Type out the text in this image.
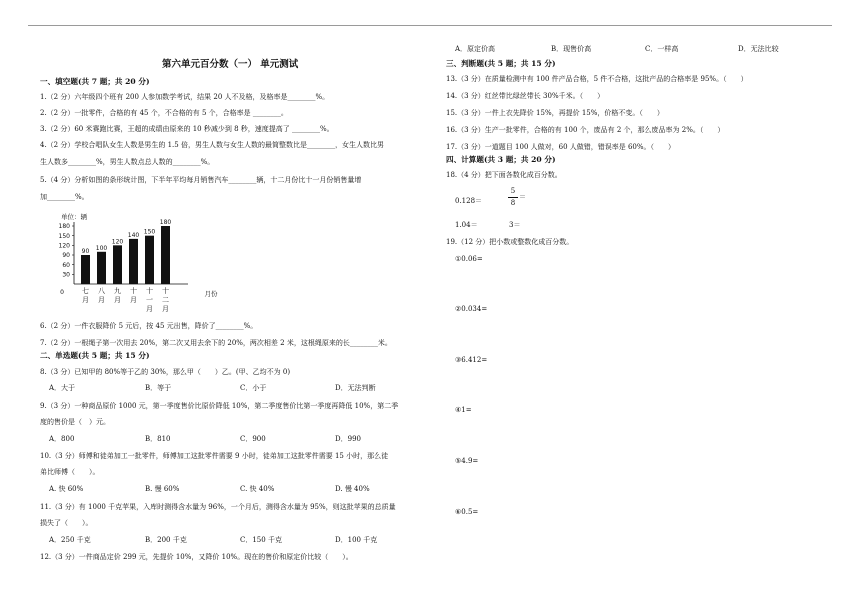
第六单元百分数（一） 单元测试
一、填空题(共 7 题；共 20 分)
1.（2 分）六年级四个班有 200 人参加数学考试，结果 20 人不及格，及格率是________%。
2.（2 分）一批零件，合格的有 45 个，不合格的有 5 个，合格率是 ________。
3.（2 分）60 米赛跑比赛，王超的成绩由原来的 10 秒减少到 8 秒，速度提高了 ________%。
4.（2 分）学校合唱队女生人数是男生的 1.5 倍，男生人数与女生人数的最简整数比是________，女生人数比男
生人数多________%，男生人数点总人数的________%。
5.（4 分）分析如图的条形统计图，下半年平均每月销售汽车________辆，十二月份比十一月份销售量增
加________%。
单位：辆
30
60
90
120
150
180
0
90
七
月
100
八
月
120
九
月
140
十
月
150
十
一
月
180
十
二
月
月份
6.（2 分）一件衣服降价 5 元后，按 45 元出售，降价了________%。
7.（2 分）一根绳子第一次用去 20%，第二次又用去余下的 20%，两次相差 2 米，这根绳原来的长________米。
二、单选题(共 5 题；共 15 分)
8.（3 分）已知甲的 80%等于乙的 30%，那么甲（　　）乙。(甲、乙均不为 0)
A．大于	B．等于	C．小于	D．无法判断
9.（3 分）一种商品原价 1000 元，第一季度售价比原价降低 10%，第二季度售价比第一季度再降低 10%，第二季
度的售价是（　）元。
A．800	B．810	C．900	D．990
10.（3 分）师傅和徒弟加工一批零件，师傅加工这批零件需要 9 小时，徒弟加工这批零件需要 15 小时，那么徒
弟比师傅（　　）。
A. 快 60%	B. 慢 60%	C. 快 40%	D. 慢 40%
11.（3 分）有 1000 千克苹果，入库时测得含水量为 96%，一个月后，测得含水量为 95%，则这批苹果的总质量
损失了（　　）。
A．250 千克	B．200 千克	C．150 千克	D．100 千克
12.（3 分）一件商品定价 299 元，先提价 10%，又降价 10%。现在的售价和原定价比较（　　）。
A．原定价高	B．现售价高	C．一样高	D．无法比较
三、判断题(共 5 题；共 15 分)
13.（3 分）在质量检测中有 100 件产品合格，5 件不合格，这批产品的合格率是 95%。（　　）
14.（3 分）红丝带比绿丝带长 30%千米。（　　）
15.（3 分）一件上衣先降价 15%，再提价 15%，价格不变。（　　）
16.（3 分）生产一批零件，合格的有 100 个，废品有 2 个，那么废品率为 2%。（　　）
17.（3 分）一道题目 100 人做对，60 人做错，错误率是 60%。（　　）
四、计算题(共 3 题；共 20 分)
18.（4 分）把下面各数化成百分数。
0.128＝
5
8
＝
1.04＝	3＝
19.（12 分）把小数或整数化成百分数。
①0.06=
②0.034=
③6.412=
④1=
⑤4.9=
⑥0.5=
